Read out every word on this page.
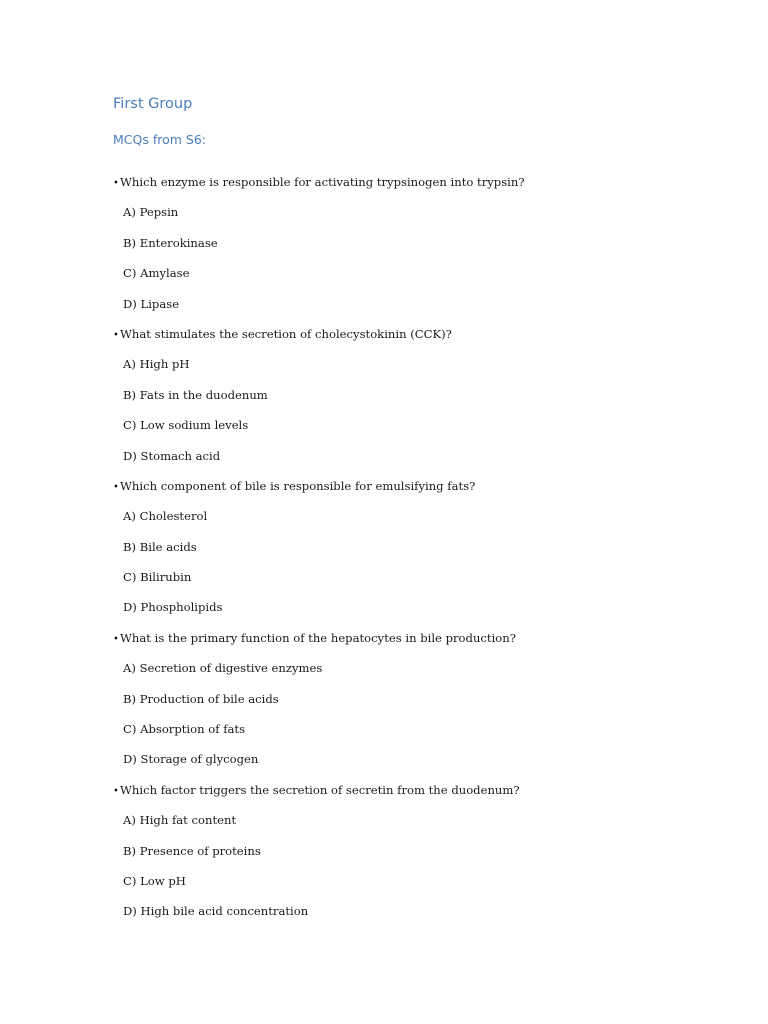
First Group
MCQs from S6:
•Which enzyme is responsible for activating trypsinogen into trypsin?
A) Pepsin
B) Enterokinase
C) Amylase
D) Lipase
•What stimulates the secretion of cholecystokinin (CCK)?
A) High pH
B) Fats in the duodenum
C) Low sodium levels
D) Stomach acid
•Which component of bile is responsible for emulsifying fats?
A) Cholesterol
B) Bile acids
C) Bilirubin
D) Phospholipids
•What is the primary function of the hepatocytes in bile production?
A) Secretion of digestive enzymes
B) Production of bile acids
C) Absorption of fats
D) Storage of glycogen
•Which factor triggers the secretion of secretin from the duodenum?
A) High fat content
B) Presence of proteins
C) Low pH
D) High bile acid concentration
